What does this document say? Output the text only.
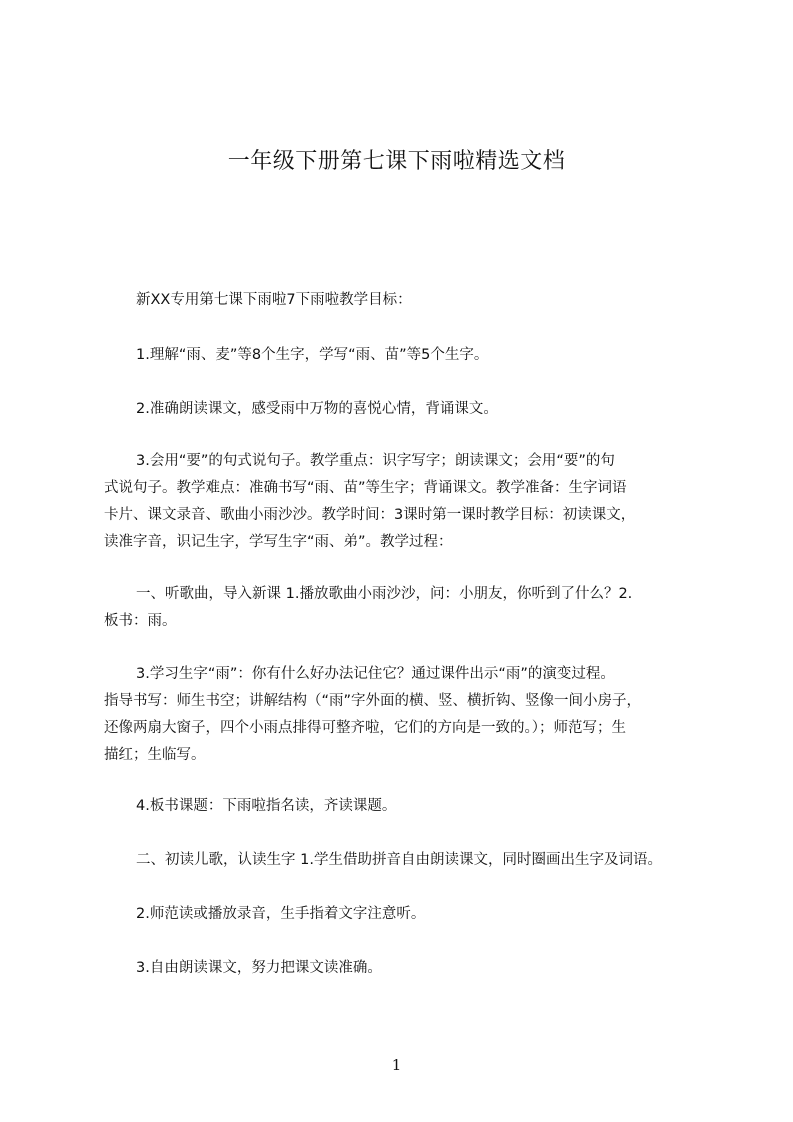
一年级下册第七课下雨啦精选文档
新XX专用第七课下雨啦7下雨啦教学目标：
1.理解“雨、麦”等8个生字，学写“雨、苗”等5个生字。
2.准确朗读课文，感受雨中万物的喜悦心情，背诵课文。
3.会用“要”的句式说句子。教学重点：识字写字；朗读课文；会用“要”的句
式说句子。教学难点：准确书写“雨、苗”等生字；背诵课文。教学准备：生字词语
卡片、课文录音、歌曲小雨沙沙。教学时间：3课时第一课时教学目标：初读课文，
读准字音，识记生字，学写生字“雨、弟”。教学过程：
一、听歌曲，导入新课 1.播放歌曲小雨沙沙，问：小朋友，你听到了什么？2.
板书：雨。
3.学习生字“雨”：你有什么好办法记住它？通过课件出示“雨”的演变过程。
指导书写：师生书空；讲解结构（“雨”字外面的横、竖、横折钩、竖像一间小房子，
还像两扇大窗子，四个小雨点排得可整齐啦，它们的方向是一致的。）；师范写；生
描红；生临写。
4.板书课题：下雨啦指名读，齐读课题。
二、初读儿歌，认读生字 1.学生借助拼音自由朗读课文，同时圈画出生字及词语。
2.师范读或播放录音，生手指着文字注意听。
3.自由朗读课文，努力把课文读准确。
1
